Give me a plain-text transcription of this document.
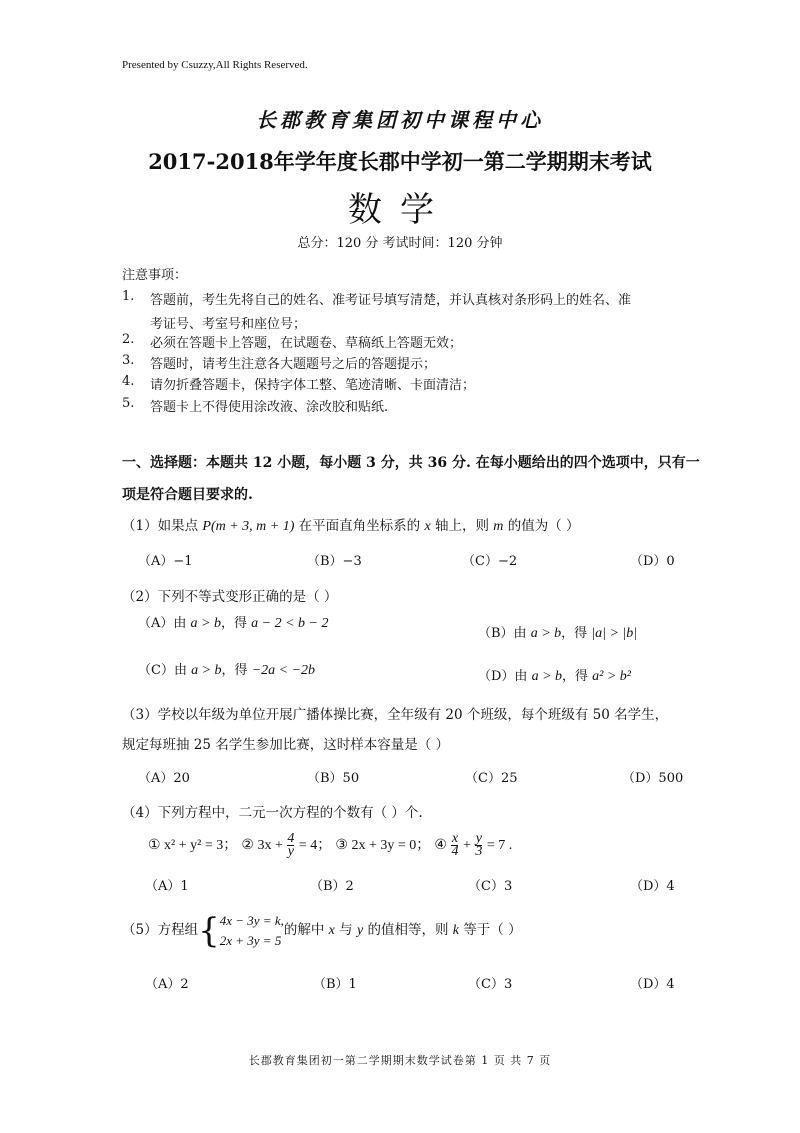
Presented by Csuzzy,All Rights Reserved.
长郡教育集团初中课程中心
2017-2018年学年度长郡中学初一第二学期期末考试
数学
总分：120 分 考试时间：120 分钟
注意事项：
1.	答题前，考生先将自己的姓名、准考证号填写清楚，并认真核对条形码上的姓名、准
考证号、考室号和座位号；
2.	必须在答题卡上答题，在试题卷、草稿纸上答题无效；
3.	答题时，请考生注意各大题题号之后的答题提示；
4.	请勿折叠答题卡，保持字体工整、笔迹清晰、卡面清洁；
5.	答题卡上不得使用涂改液、涂改胶和贴纸.
一、选择题：本题共 12 小题，每小题 3 分，共 36 分. 在每小题给出的四个选项中，只有一
项是符合题目要求的.
（1）如果点 P(m + 3, m + 1) 在平面直角坐标系的 x 轴上，则 m 的值为（ ）
（A）−1	（B）−3	（C）−2	（D）0
（2）下列不等式变形正确的是（ ）
（A）由 a > b，得 a − 2 < b − 2
（B）由 a > b，得 |a| > |b|
（C）由 a > b，得 −2a < −2b	（D）由 a > b，得 a² > b²
（3）学校以年级为单位开展广播体操比赛，全年级有 20 个班级，每个班级有 50 名学生，
规定每班抽 25 名学生参加比赛，这时样本容量是（ ）
（A）20	（B）50	（C）25	（D）500
（4）下列方程中，二元一次方程的个数有（ ）个.
① x² + y² = 3； ② $3x + \frac{4}{y} = 4$； ③ 2x + 3y = 0； ④ $\frac{x}{4} + \frac{y}{3} = 7$ .
（A）1	（B）2	（C）3	（D）4
（5）方程组{ 4x − 3y = k,
2x + 3y = 5
的解中 x 与 y 的值相等，则 k 等于（ ）
（A）2	（B）1	（C）3	（D）4
长郡教育集团初一第二学期期末数学试卷第 1 页 共 7 页
